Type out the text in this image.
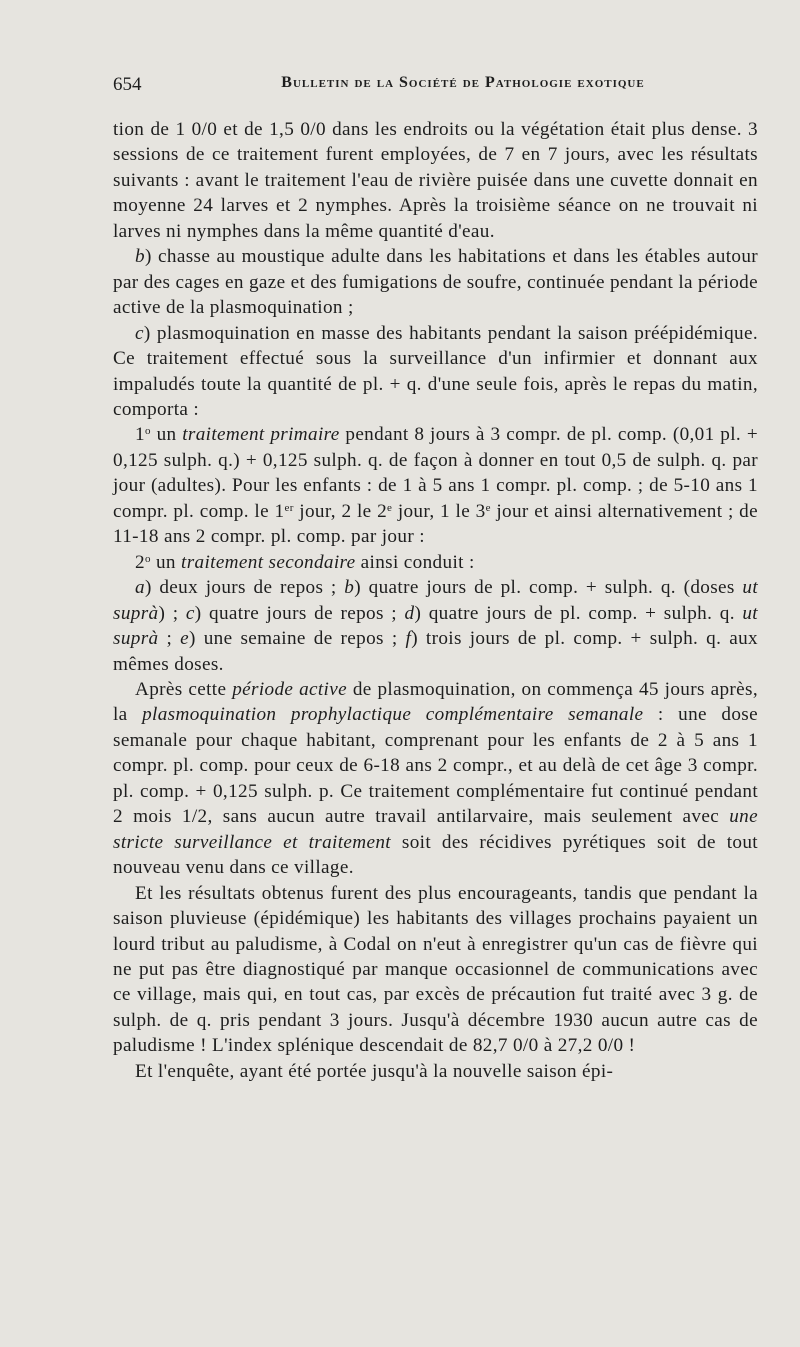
654	Bulletin de la Société de Pathologie exotique

tion de 1 0/0 et de 1,5 0/0 dans les endroits ou la végétation était plus dense. 3 sessions de ce traitement furent employées, de 7 en 7 jours, avec les résultats suivants : avant le traitement l'eau de rivière puisée dans une cuvette donnait en moyenne 24 larves et 2 nymphes. Après la troisième séance on ne trouvait ni larves ni nymphes dans la même quantité d'eau.

b) chasse au moustique adulte dans les habitations et dans les étables autour par des cages en gaze et des fumigations de soufre, continuée pendant la période active de la plasmoquination ;

c) plasmoquination en masse des habitants pendant la saison préépidémique. Ce traitement effectué sous la surveillance d'un infirmier et donnant aux impaludés toute la quantité de pl. + q. d'une seule fois, après le repas du matin, comporta :

1$^o$ un traitement primaire pendant 8 jours à 3 compr. de pl. comp. (0,01 pl. + 0,125 sulph. q.) + 0,125 sulph. q. de façon à donner en tout 0,5 de sulph. q. par jour (adultes). Pour les enfants : de 1 à 5 ans 1 compr. pl. comp. ; de 5-10 ans 1 compr. pl. comp. le 1er jour, 2 le 2e jour, 1 le 3e jour et ainsi alternativement ; de 11-18 ans 2 compr. pl. comp. par jour :

2$^o$ un traitement secondaire ainsi conduit :

a) deux jours de repos ; b) quatre jours de pl. comp. + sulph. q. (doses ut suprà) ; c) quatre jours de repos ; d) quatre jours de pl. comp. + sulph. q. ut suprà ; e) une semaine de repos ; f) trois jours de pl. comp. + sulph. q. aux mêmes doses.

Après cette période active de plasmoquination, on commença 45 jours après, la plasmoquination prophylactique complémentaire semanale : une dose semanale pour chaque habitant, comprenant pour les enfants de 2 à 5 ans 1 compr. pl. comp. pour ceux de 6-18 ans 2 compr., et au delà de cet âge 3 compr. pl. comp. + 0,125 sulph. p. Ce traitement complémentaire fut continué pendant 2 mois 1/2, sans aucun autre travail antilarvaire, mais seulement avec une stricte surveillance et traitement soit des récidives pyrétiques soit de tout nouveau venu dans ce village.

Et les résultats obtenus furent des plus encourageants, tandis que pendant la saison pluvieuse (épidémique) les habitants des villages prochains payaient un lourd tribut au paludisme, à Codal on n'eut à enregistrer qu'un cas de fièvre qui ne put pas être diagnostiqué par manque occasionnel de communications avec ce village, mais qui, en tout cas, par excès de précaution fut traité avec 3 g. de sulph. de q. pris pendant 3 jours. Jusqu'à décembre 1930 aucun autre cas de paludisme ! L'index splénique descendait de 82,7 0/0 à 27,2 0/0 !

Et l'enquête, ayant été portée jusqu'à la nouvelle saison épi-
